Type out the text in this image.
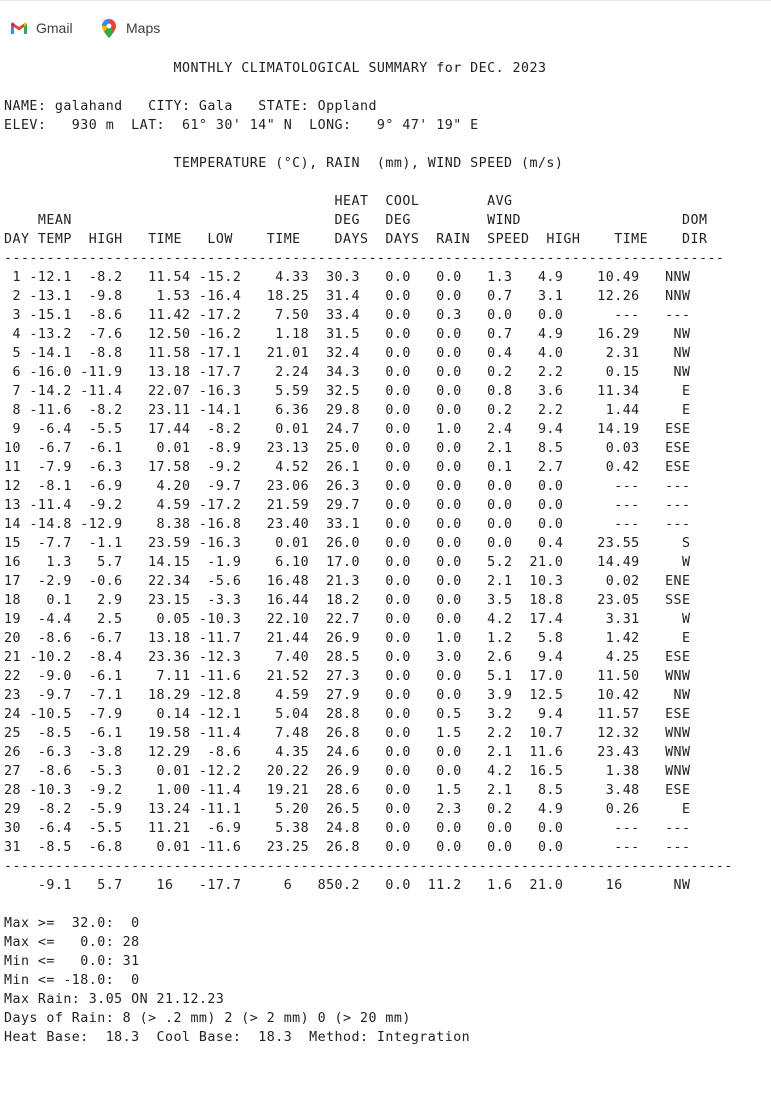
Gmail	Maps
MONTHLY CLIMATOLOGICAL SUMMARY for DEC. 2023

NAME: galahand   CITY: Gala   STATE: Oppland
ELEV:   930 m  LAT:  61° 30' 14" N  LONG:   9° 47' 19" E

TEMPERATURE (°C), RAIN  (mm), WIND SPEED (m/s)

HEAT  COOL        AVG
MEAN                               DEG   DEG         WIND                   DOM
DAY TEMP  HIGH   TIME   LOW    TIME    DAYS  DAYS  RAIN  SPEED  HIGH    TIME    DIR
-------------------------------------------------------------------------------------
1 -12.1  -8.2   11.54 -15.2    4.33  30.3   0.0   0.0   1.3   4.9    10.49   NNW
2 -13.1  -9.8    1.53 -16.4   18.25  31.4   0.0   0.0   0.7   3.1    12.26   NNW
3 -15.1  -8.6   11.42 -17.2    7.50  33.4   0.0   0.3   0.0   0.0      ---   ---
4 -13.2  -7.6   12.50 -16.2    1.18  31.5   0.0   0.0   0.7   4.9    16.29    NW
5 -14.1  -8.8   11.58 -17.1   21.01  32.4   0.0   0.0   0.4   4.0     2.31    NW
6 -16.0 -11.9   13.18 -17.7    2.24  34.3   0.0   0.0   0.2   2.2     0.15    NW
7 -14.2 -11.4   22.07 -16.3    5.59  32.5   0.0   0.0   0.8   3.6    11.34     E
8 -11.6  -8.2   23.11 -14.1    6.36  29.8   0.0   0.0   0.2   2.2     1.44     E
9  -6.4  -5.5   17.44  -8.2    0.01  24.7   0.0   1.0   2.4   9.4    14.19   ESE
10  -6.7  -6.1    0.01  -8.9   23.13  25.0   0.0   0.0   2.1   8.5     0.03   ESE
11  -7.9  -6.3   17.58  -9.2    4.52  26.1   0.0   0.0   0.1   2.7     0.42   ESE
12  -8.1  -6.9    4.20  -9.7   23.06  26.3   0.0   0.0   0.0   0.0      ---   ---
13 -11.4  -9.2    4.59 -17.2   21.59  29.7   0.0   0.0   0.0   0.0      ---   ---
14 -14.8 -12.9    8.38 -16.8   23.40  33.1   0.0   0.0   0.0   0.0      ---   ---
15  -7.7  -1.1   23.59 -16.3    0.01  26.0   0.0   0.0   0.0   0.4    23.55     S
16   1.3   5.7   14.15  -1.9    6.10  17.0   0.0   0.0   5.2  21.0    14.49     W
17  -2.9  -0.6   22.34  -5.6   16.48  21.3   0.0   0.0   2.1  10.3     0.02   ENE
18   0.1   2.9   23.15  -3.3   16.44  18.2   0.0   0.0   3.5  18.8    23.05   SSE
19  -4.4   2.5    0.05 -10.3   22.10  22.7   0.0   0.0   4.2  17.4     3.31     W
20  -8.6  -6.7   13.18 -11.7   21.44  26.9   0.0   1.0   1.2   5.8     1.42     E
21 -10.2  -8.4   23.36 -12.3    7.40  28.5   0.0   3.0   2.6   9.4     4.25   ESE
22  -9.0  -6.1    7.11 -11.6   21.52  27.3   0.0   0.0   5.1  17.0    11.50   WNW
23  -9.7  -7.1   18.29 -12.8    4.59  27.9   0.0   0.0   3.9  12.5    10.42    NW
24 -10.5  -7.9    0.14 -12.1    5.04  28.8   0.0   0.5   3.2   9.4    11.57   ESE
25  -8.5  -6.1   19.58 -11.4    7.48  26.8   0.0   1.5   2.2  10.7    12.32   WNW
26  -6.3  -3.8   12.29  -8.6    4.35  24.6   0.0   0.0   2.1  11.6    23.43   WNW
27  -8.6  -5.3    0.01 -12.2   20.22  26.9   0.0   0.0   4.2  16.5     1.38   WNW
28 -10.3  -9.2    1.00 -11.4   19.21  28.6   0.0   1.5   2.1   8.5     3.48   ESE
29  -8.2  -5.9   13.24 -11.1    5.20  26.5   0.0   2.3   0.2   4.9     0.26     E
30  -6.4  -5.5   11.21  -6.9    5.38  24.8   0.0   0.0   0.0   0.0      ---   ---
31  -8.5  -6.8    0.01 -11.6   23.25  26.8   0.0   0.0   0.0   0.0      ---   ---
--------------------------------------------------------------------------------------
-9.1   5.7    16   -17.7     6   850.2   0.0  11.2   1.6  21.0     16      NW

Max >=  32.0:  0
Max <=   0.0: 28
Min <=   0.0: 31
Min <= -18.0:  0
Max Rain: 3.05 ON 21.12.23
Days of Rain: 8 (> .2 mm) 2 (> 2 mm) 0 (> 20 mm)
Heat Base:  18.3  Cool Base:  18.3  Method: Integration
